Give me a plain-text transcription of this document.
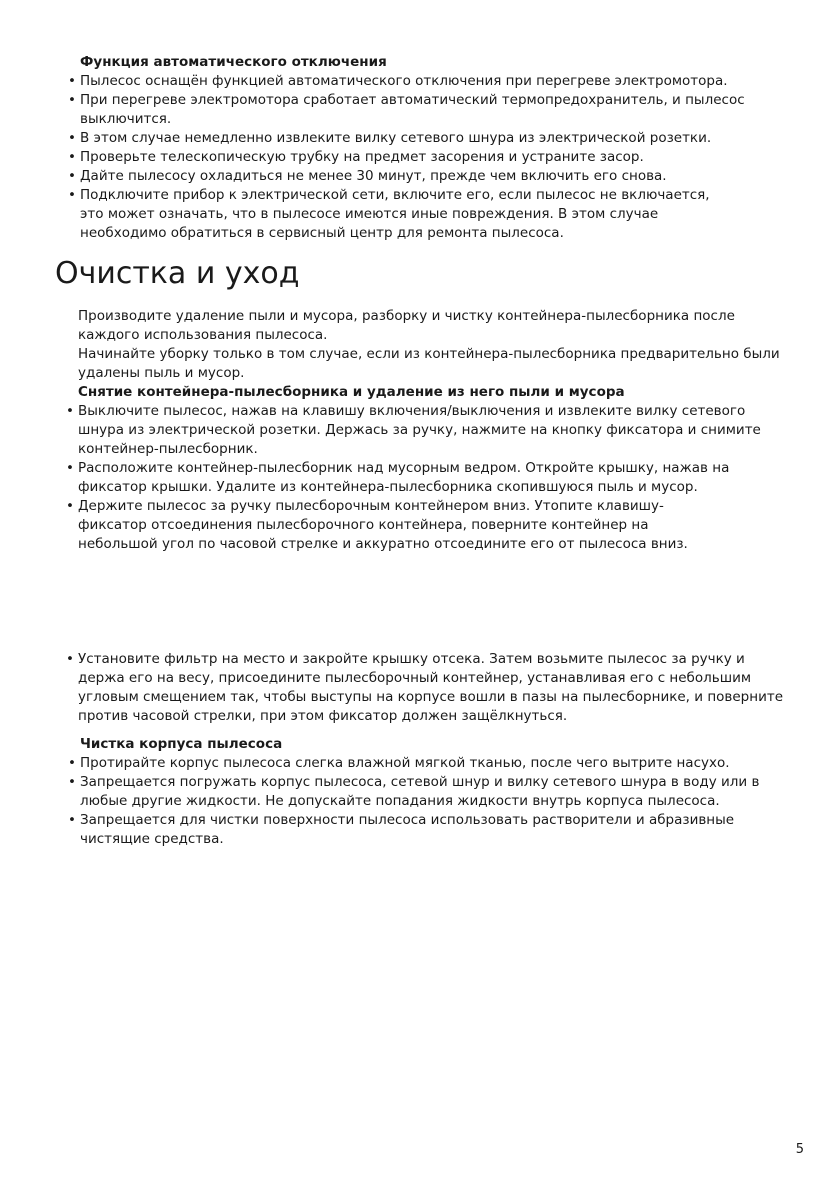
Функция автоматического отключения

• Пылесос оснащён функцией автоматического отключения при перегреве электромотора.
• При перегреве электромотора сработает автоматический термопредохранитель, и пылесос выключится.
• В этом случае немедленно извлеките вилку сетевого шнура из электрической розетки.
• Проверьте телескопическую трубку на предмет засорения и устраните засор.
• Дайте пылесосу охладиться не менее 30 минут, прежде чем включить его снова.
• Подключите прибор к электрической сети, включите его, если пылесос не включается, это может означать, что в пылесосе имеются иные повреждения. В этом случае необходимо обратиться в сервисный центр для ремонта пылесоса.
Очистка и уход

Производите удаление пыли и мусора, разборку и чистку контейнера-пылесборника после каждого использования пылесоса.

Начинайте уборку только в том случае, если из контейнера-пылесборника предварительно были удалены пыль и мусор.

Снятие контейнера-пылесборника и удаление из него пыли и мусора

• Выключите пылесос, нажав на клавишу включения/выключения и извлеките вилку сетевого шнура из электрической розетки. Держась за ручку, нажмите на кнопку фиксатора и снимите контейнер-пылесборник.
• Расположите контейнер-пылесборник над мусорным ведром. Откройте крышку, нажав на фиксатор крышки. Удалите из контейнера-пылесборника скопившуюся пыль и мусор.
• Держите пылесос за ручку пылесборочным контейнером вниз. Утопите клавишу-фиксатор отсоединения пылесборочного контейнера, поверните контейнер на небольшой угол по часовой стрелке и аккуратно отсоедините его от пылесоса вниз.
• Установите фильтр на место и закройте крышку отсека. Затем возьмите пылесос за ручку и держа его на весу, присоедините пылесборочный контейнер, устанавливая его с небольшим угловым смещением так, чтобы выступы на корпусе вошли в пазы на пылесборнике, и поверните против часовой стрелки, при этом фиксатор должен защёлкнуться.

Чистка корпуса пылесоса

• Протирайте корпус пылесоса слегка влажной мягкой тканью, после чего вытрите насухо.
• Запрещается погружать корпус пылесоса, сетевой шнур и вилку сетевого шнура в воду или в любые другие жидкости. Не допускайте попадания жидкости внутрь корпуса пылесоса.
• Запрещается для чистки поверхности пылесоса использовать растворители и абразивные чистящие средства.
5
